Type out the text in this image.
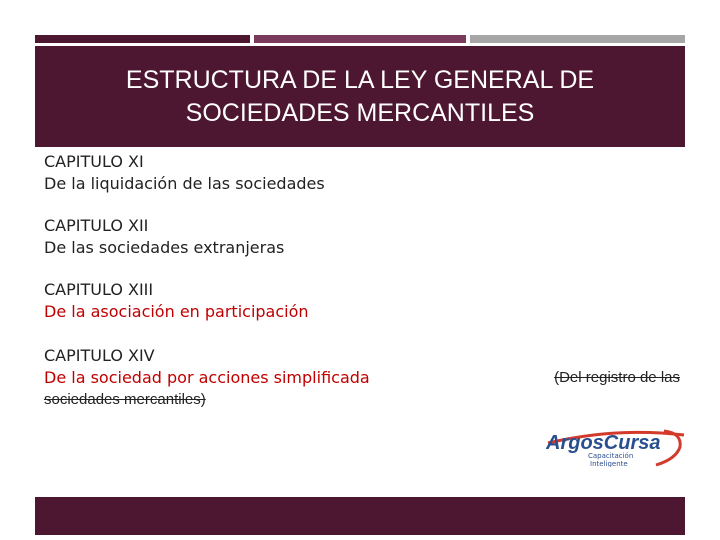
ESTRUCTURA DE LA LEY GENERAL DE
SOCIEDADES MERCANTILES
CAPITULO XI
De la liquidación de las sociedades
CAPITULO XII
De las sociedades extranjeras
CAPITULO XIII
De la asociación en participación
CAPITULO XIV
De la sociedad por acciones simplificada	(Del registro de las
sociedades mercantiles)
ArgosCursa
Capacitación
Inteligente
